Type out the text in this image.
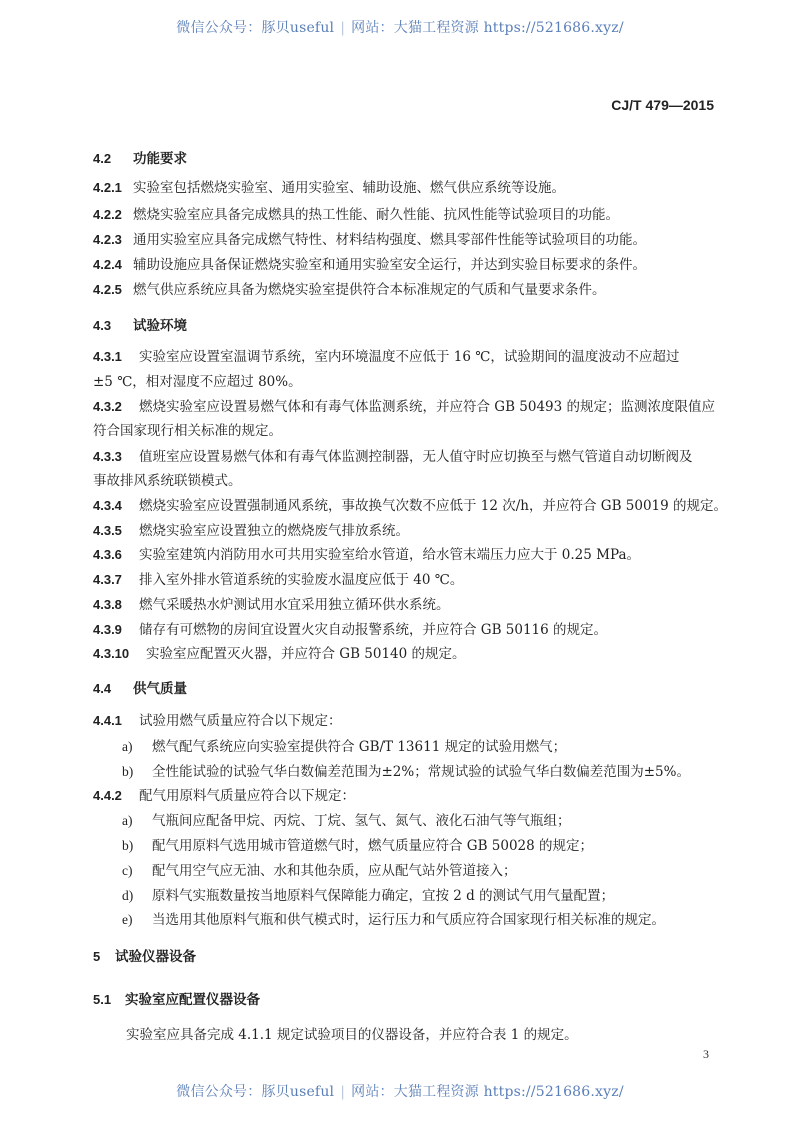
微信公众号：豚贝useful | 网站：大猫工程资源 https://521686.xyz/
CJ/T 479—2015
4.2 功能要求
4.2.1 实验室包括燃烧实验室、通用实验室、辅助设施、燃气供应系统等设施。
4.2.2 燃烧实验室应具备完成燃具的热工性能、耐久性能、抗风性能等试验项目的功能。
4.2.3 通用实验室应具备完成燃气特性、材料结构强度、燃具零部件性能等试验项目的功能。
4.2.4 辅助设施应具备保证燃烧实验室和通用实验室安全运行，并达到实验目标要求的条件。
4.2.5 燃气供应系统应具备为燃烧实验室提供符合本标准规定的气质和气量要求条件。
4.3 试验环境
4.3.1 实验室应设置室温调节系统，室内环境温度不应低于 16 ℃，试验期间的温度波动不应超过
±5 ℃，相对湿度不应超过 80%。
4.3.2 燃烧实验室应设置易燃气体和有毒气体监测系统，并应符合 GB 50493 的规定；监测浓度限值应
符合国家现行相关标准的规定。
4.3.3 值班室应设置易燃气体和有毒气体监测控制器，无人值守时应切换至与燃气管道自动切断阀及
事故排风系统联锁模式。
4.3.4 燃烧实验室应设置强制通风系统，事故换气次数不应低于 12 次/h，并应符合 GB 50019 的规定。
4.3.5 燃烧实验室应设置独立的燃烧废气排放系统。
4.3.6 实验室建筑内消防用水可共用实验室给水管道，给水管末端压力应大于 0.25 MPa。
4.3.7 排入室外排水管道系统的实验废水温度应低于 40 ℃。
4.3.8 燃气采暖热水炉测试用水宜采用独立循环供水系统。
4.3.9 储存有可燃物的房间宜设置火灾自动报警系统，并应符合 GB 50116 的规定。
4.3.10 实验室应配置灭火器，并应符合 GB 50140 的规定。
4.4 供气质量
4.4.1 试验用燃气质量应符合以下规定：
a) 燃气配气系统应向实验室提供符合 GB/T 13611 规定的试验用燃气；
b) 全性能试验的试验气华白数偏差范围为±2%；常规试验的试验气华白数偏差范围为±5%。
4.4.2 配气用原料气质量应符合以下规定：
a) 气瓶间应配备甲烷、丙烷、丁烷、氢气、氮气、液化石油气等气瓶组；
b) 配气用原料气选用城市管道燃气时，燃气质量应符合 GB 50028 的规定；
c) 配气用空气应无油、水和其他杂质，应从配气站外管道接入；
d) 原料气实瓶数量按当地原料气保障能力确定，宜按 2 d 的测试气用气量配置；
e) 当选用其他原料气瓶和供气模式时，运行压力和气质应符合国家现行相关标准的规定。
5 试验仪器设备
5.1 实验室应配置仪器设备
实验室应具备完成 4.1.1 规定试验项目的仪器设备，并应符合表 1 的规定。
3
微信公众号：豚贝useful | 网站：大猫工程资源 https://521686.xyz/
